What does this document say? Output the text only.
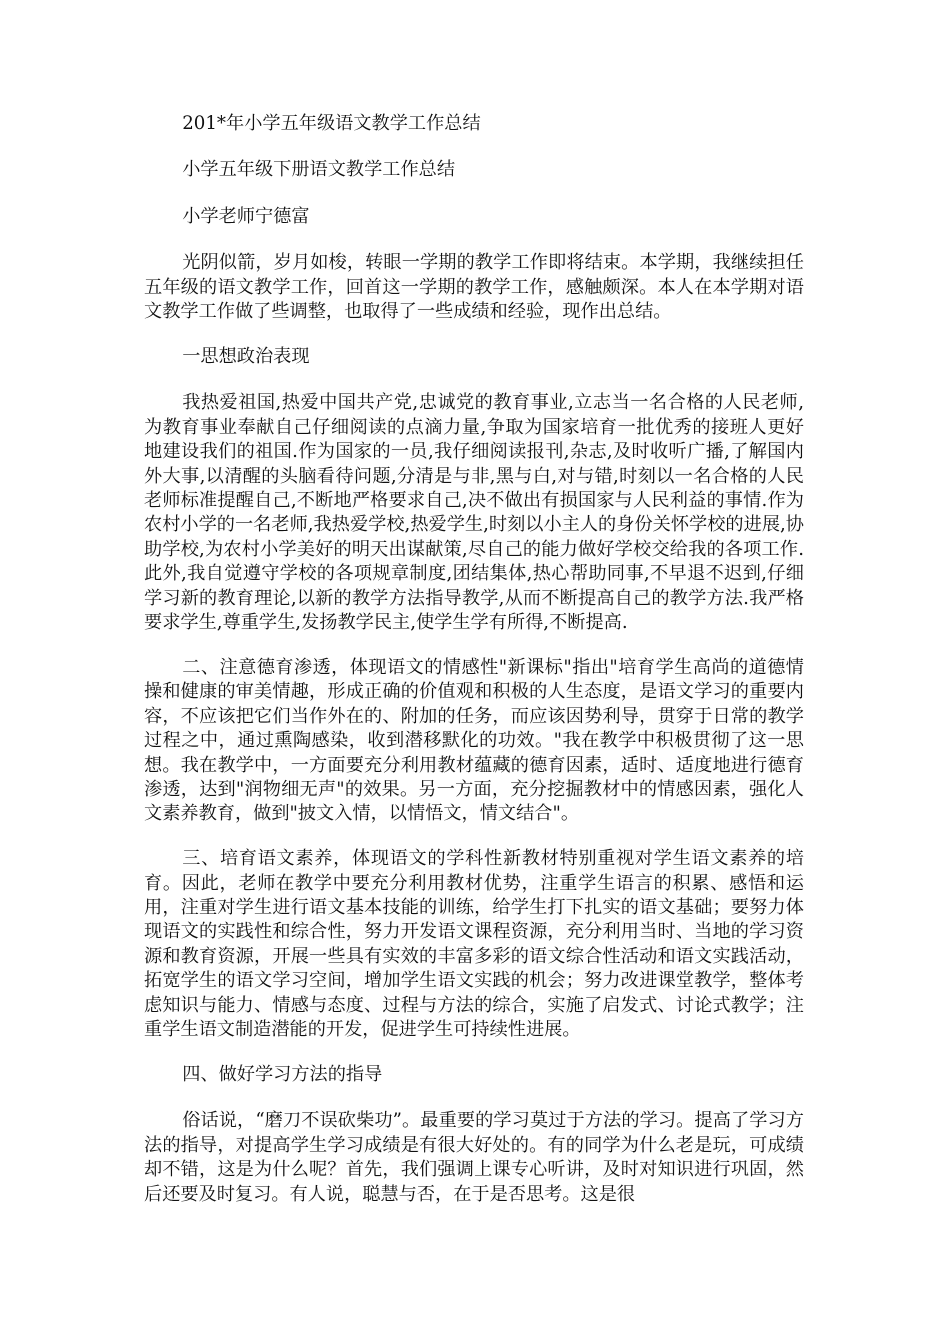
201*年小学五年级语文教学工作总结

小学五年级下册语文教学工作总结

小学老师宁德富

光阴似箭，岁月如梭，转眼一学期的教学工作即将结束。本学期，我继续担任五年级的语文教学工作，回首这一学期的教学工作，感触颇深。本人在本学期对语文教学工作做了些调整，也取得了一些成绩和经验，现作出总结。

一思想政治表现

我热爱祖国,热爱中国共产党,忠诚党的教育事业,立志当一名合格的人民老师,为教育事业奉献自己仔细阅读的点滴力量,争取为国家培育一批优秀的接班人更好地建设我们的祖国.作为国家的一员,我仔细阅读报刊,杂志,及时收听广播,了解国内外大事,以清醒的头脑看待问题,分清是与非,黑与白,对与错,时刻以一名合格的人民老师标准提醒自己,不断地严格要求自己,决不做出有损国家与人民利益的事情.作为农村小学的一名老师,我热爱学校,热爱学生,时刻以小主人的身份关怀学校的进展,协助学校,为农村小学美好的明天出谋献策,尽自己的能力做好学校交给我的各项工作.此外,我自觉遵守学校的各项规章制度,团结集体,热心帮助同事,不早退不迟到,仔细学习新的教育理论,以新的教学方法指导教学,从而不断提高自己的教学方法.我严格要求学生,尊重学生,发扬教学民主,使学生学有所得,不断提高.

二、注意德育渗透，体现语文的情感性"新课标"指出"培育学生高尚的道德情操和健康的审美情趣，形成正确的价值观和积极的人生态度，是语文学习的重要内容，不应该把它们当作外在的、附加的任务，而应该因势利导，贯穿于日常的教学过程之中，通过熏陶感染，收到潜移默化的功效。"我在教学中积极贯彻了这一思想。我在教学中，一方面要充分利用教材蕴藏的德育因素，适时、适度地进行德育渗透，达到"润物细无声"的效果。另一方面，充分挖掘教材中的情感因素，强化人文素养教育，做到"披文入情，以情悟文，情文结合"。

三、培育语文素养，体现语文的学科性新教材特别重视对学生语文素养的培育。因此，老师在教学中要充分利用教材优势，注重学生语言的积累、感悟和运用，注重对学生进行语文基本技能的训练，给学生打下扎实的语文基础；要努力体现语文的实践性和综合性，努力开发语文课程资源，充分利用当时、当地的学习资源和教育资源，开展一些具有实效的丰富多彩的语文综合性活动和语文实践活动，拓宽学生的语文学习空间，增加学生语文实践的机会；努力改进课堂教学，整体考虑知识与能力、情感与态度、过程与方法的综合，实施了启发式、讨论式教学；注重学生语文制造潜能的开发，促进学生可持续性进展。

四、做好学习方法的指导

俗话说，“磨刀不误砍柴功”。最重要的学习莫过于方法的学习。提高了学习方法的指导，对提高学生学习成绩是有很大好处的。有的同学为什么老是玩，可成绩却不错，这是为什么呢？首先，我们强调上课专心听讲，及时对知识进行巩固，然后还要及时复习。有人说，聪慧与否，在于是否思考。这是很
